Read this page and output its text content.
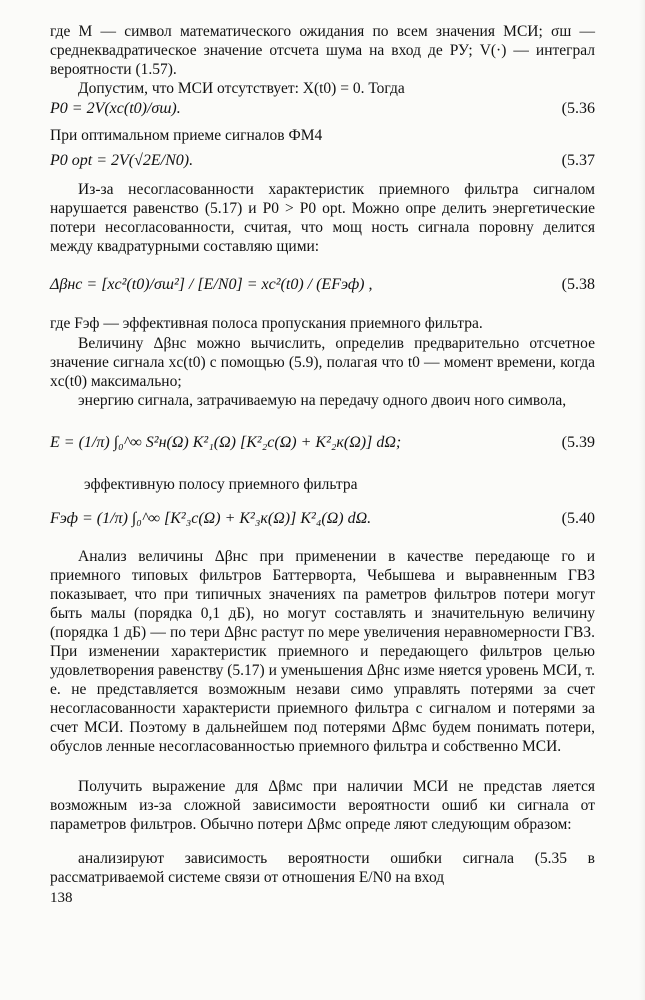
где M — символ математического ожидания по всем значения МСИ; σш — среднеквадратическое значение отсчета шума на вход де РУ; V(·) — интеграл вероятности (1.57).
Допустим, что МСИ отсутствует: X(t0) = 0. Тогда
P0 = 2V(xс(t0)/σш).	(5.36
При оптимальном приеме сигналов ФМ4
P0 opt = 2V(√2E/N0).	(5.37
Из-за несогласованности характеристик приемного фильтра сигналом нарушается равенство (5.17) и P0 > P0 opt. Можно опре делить энергетические потери несогласованности, считая, что мощ ность сигнала поровну делится между квадратурными составляю щими:
Δβнс = [xс²(t0)/σш²] / [E/N0] = xс²(t0) / (EFэф) ,	(5.38
где Fэф — эффективная полоса пропускания приемного фильтра.
Величину Δβнс можно вычислить, определив предварительно отсчетное значение сигнала xс(t0) с помощью (5.9), полагая что t0 — момент времени, когда xс(t0) максимально;
энергию сигнала, затрачиваемую на передачу одного двоич ного символа,
E = (1/π) ∫₀^∞ S²н(Ω) K²₁(Ω) [K²₂с(Ω) + K²₂к(Ω)] dΩ;	(5.39
эффективную полосу приемного фильтра
Fэф = (1/π) ∫₀^∞ [K²₃с(Ω) + K²₃к(Ω)] K²₄(Ω) dΩ.	(5.40
Анализ величины Δβнс при применении в качестве передающе го и приемного типовых фильтров Баттерворта, Чебышева и выравненным ГВЗ показывает, что при типичных значениях па раметров фильтров потери могут быть малы (порядка 0,1 дБ), но могут составлять и значительную величину (порядка 1 дБ) — по тери Δβнс растут по мере увеличения неравномерности ГВЗ. При изменении характеристик приемного и передающего фильтров целью удовлетворения равенству (5.17) и уменьшения Δβнс изме няется уровень МСИ, т. е. не представляется возможным незави симо управлять потерями за счет несогласованности характеристи приемного фильтра с сигналом и потерями за счет МСИ. Поэтому в дальнейшем под потерями Δβмс будем понимать потери, обуслов ленные несогласованностью приемного фильтра и собственно МСИ.
Получить выражение для Δβмс при наличии МСИ не представ ляется возможным из-за сложной зависимости вероятности ошиб ки сигнала от параметров фильтров. Обычно потери Δβмс опреде ляют следующим образом:
анализируют зависимость вероятности ошибки сигнала (5.35 в рассматриваемой системе связи от отношения E/N0 на вход
138
